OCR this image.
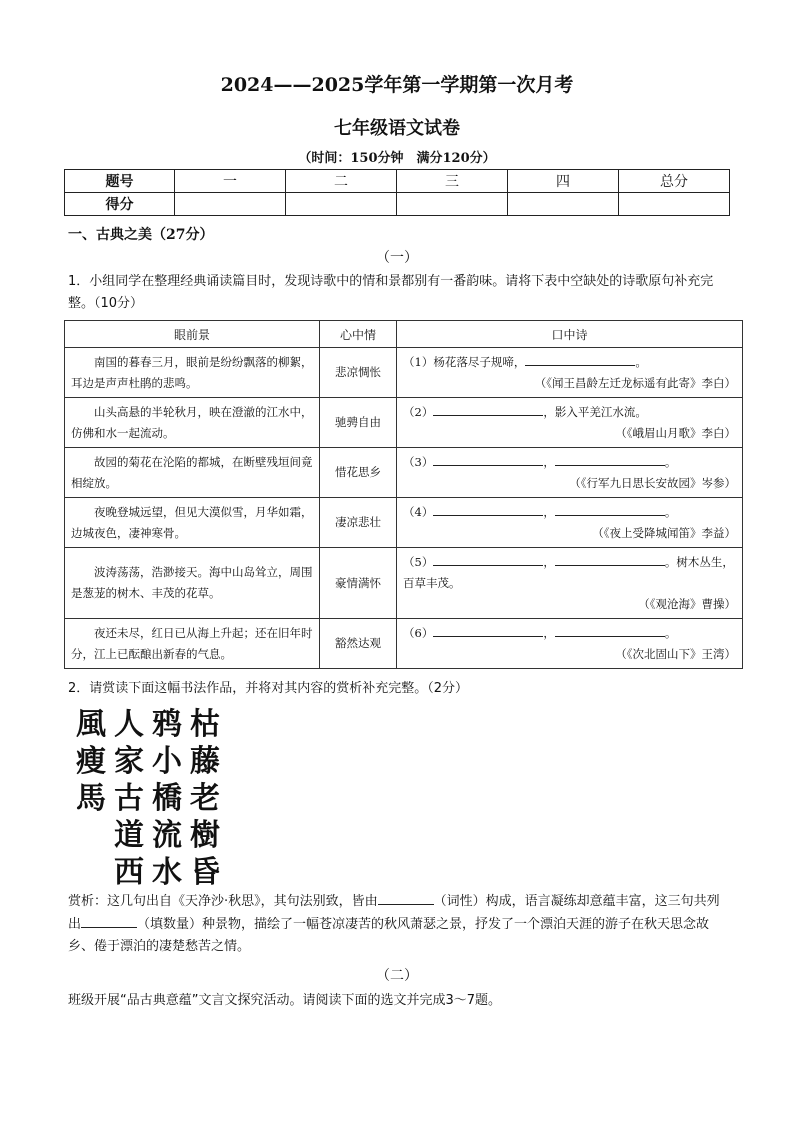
2024——2025学年第一学期第一次月考
七年级语文试卷
（时间：150分钟　满分120分）
题号	一	二	三	四	总分
得分					
一、古典之美（27分）
（一）
1．小组同学在整理经典诵读篇目时，发现诗歌中的情和景都别有一番韵味。请将下表中空缺处的诗歌原句补充完整。（10分）
眼前景	心中情	口中诗
南国的暮春三月，眼前是纷纷飘落的柳絮，耳边是声声杜鹃的悲鸣。	悲凉惆怅	（1）杨花落尽子规啼， 。
（《闻王昌龄左迁龙标遥有此寄》李白）

山头高悬的半轮秋月，映在澄澈的江水中，仿佛和水一起流动。	驰骋自由	（2） ，影入平羌江水流。
（《峨眉山月歌》李白）

故园的菊花在沦陷的都城，在断壁残垣间竟相绽放。	惜花思乡	（3） ， 。
（《行军九日思长安故园》岑参）

夜晚登城远望，但见大漠似雪，月华如霜，边城夜色，凄神寒骨。	凄凉悲壮	（4） ， 。
（《夜上受降城闻笛》李益）

波涛荡荡，浩渺接天。海中山岛耸立，周围是葱茏的树木、丰茂的花草。	豪情满怀	（5） ， 。树木丛生，百草丰茂。
（《观沧海》曹操）

夜还未尽，红日已从海上升起；还在旧年时分，江上已酝酿出新春的气息。	豁然达观	（6） ， 。
（《次北固山下》王湾）
2．请赏读下面这幅书法作品，并将对其内容的赏析补充完整。（2分）
枯
藤
老
樹
昏
鸦
小
橋
流
水
人
家
古
道
西
風
瘦
馬
赏析：这几句出自《天净沙·秋思》，其句法别致，皆由	（词性）构成，语言凝练却意蕴丰富，这三句共列出	（填数量）种景物，描绘了一幅苍凉凄苦的秋风萧瑟之景，抒发了一个漂泊天涯的游子在秋天思念故乡、倦于漂泊的凄楚愁苦之情。
（二）
班级开展“品古典意蕴”文言文探究活动。请阅读下面的选文并完成3～7题。
